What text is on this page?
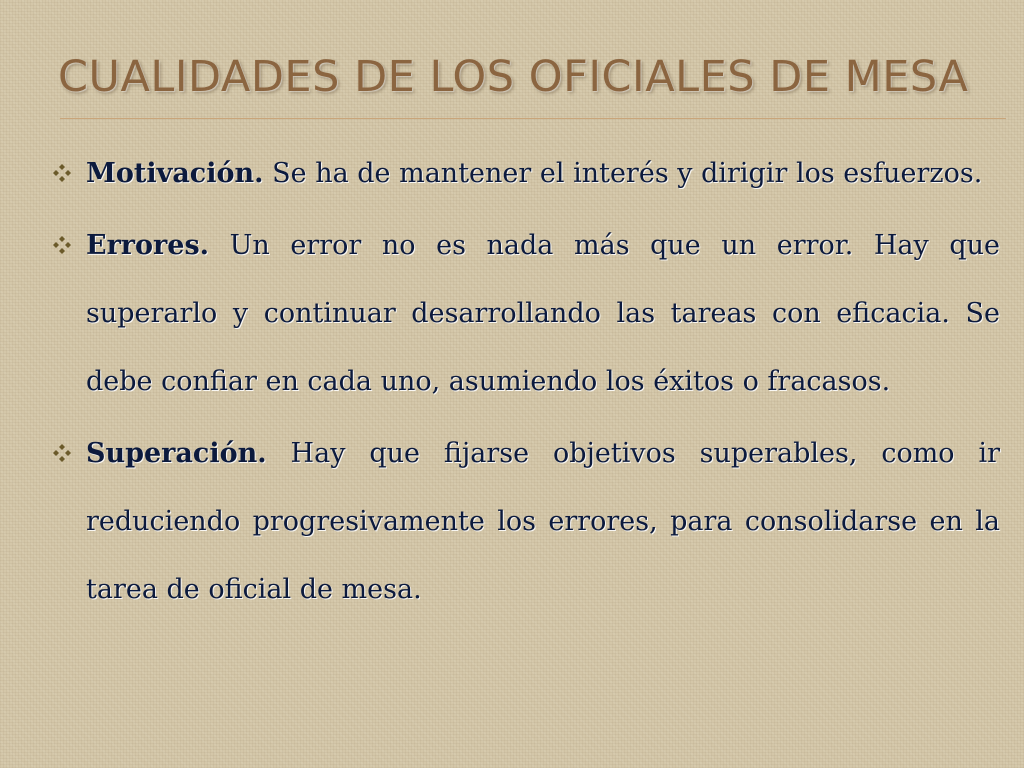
CUALIDADES DE LOS OFICIALES DE MESA
Motivación. Se ha de mantener el interés y dirigir los esfuerzos.
Errores. Un error no es nada más que un error. Hay que superarlo y continuar desarrollando las tareas con eficacia. Se debe confiar en cada uno, asumiendo los éxitos o fracasos.
Superación. Hay que fijarse objetivos superables, como ir reduciendo progresivamente los errores, para consolidarse en la tarea de oficial de mesa.
